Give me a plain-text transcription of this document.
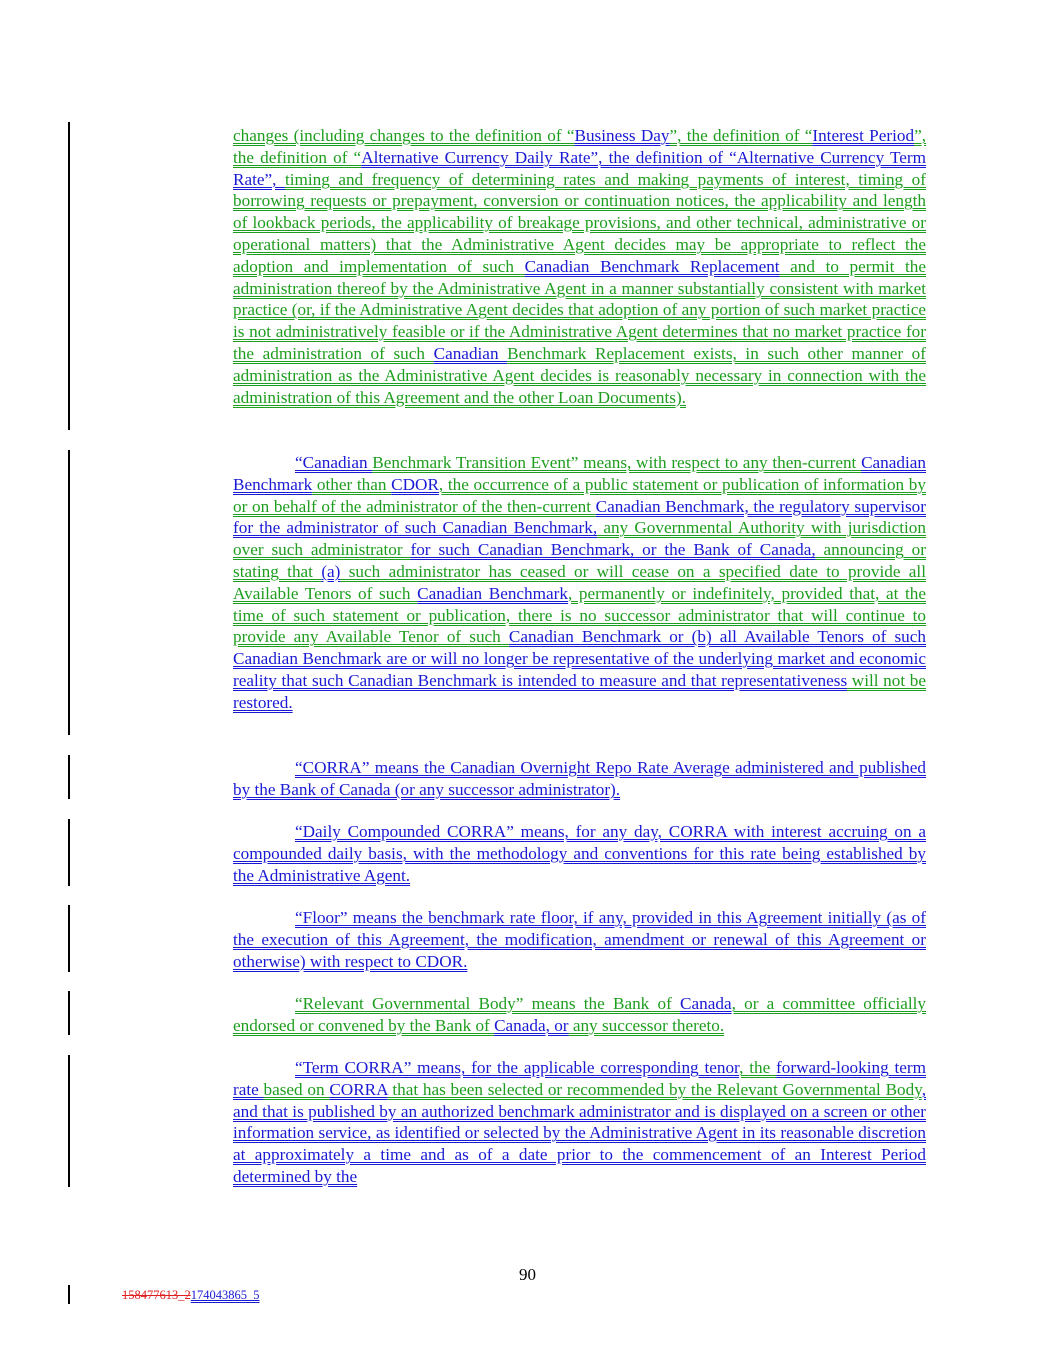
changes (including changes to the definition of “Business Day”, the definition of “Interest Period”, the definition of “Alternative Currency Daily Rate”, the definition of “Alternative Currency Term Rate”, timing and frequency of determining rates and making payments of interest, timing of borrowing requests or prepayment, conversion or continuation notices, the applicability and length of lookback periods, the applicability of breakage provisions, and other technical, administrative or operational matters) that the Administrative Agent decides may be appropriate to reflect the adoption and implementation of such Canadian Benchmark Replacement and to permit the administration thereof by the Administrative Agent in a manner substantially consistent with market practice (or, if the Administrative Agent decides that adoption of any portion of such market practice is not administratively feasible or if the Administrative Agent determines that no market practice for the administration of such Canadian Benchmark Replacement exists, in such other manner of administration as the Administrative Agent decides is reasonably necessary in connection with the administration of this Agreement and the other Loan Documents).

“Canadian Benchmark Transition Event” means, with respect to any then-current Canadian Benchmark other than CDOR, the occurrence of a public statement or publication of information by or on behalf of the administrator of the then-current Canadian Benchmark, the regulatory supervisor for the administrator of such Canadian Benchmark, any Governmental Authority with jurisdiction over such administrator for such Canadian Benchmark, or the Bank of Canada, announcing or stating that (a) such administrator has ceased or will cease on a specified date to provide all Available Tenors of such Canadian Benchmark, permanently or indefinitely, provided that, at the time of such statement or publication, there is no successor administrator that will continue to provide any Available Tenor of such Canadian Benchmark or (b) all Available Tenors of such Canadian Benchmark are or will no longer be representative of the underlying market and economic reality that such Canadian Benchmark is intended to measure and that representativeness will not be restored.

“CORRA” means the Canadian Overnight Repo Rate Average administered and published by the Bank of Canada (or any successor administrator).

“Daily Compounded CORRA” means, for any day, CORRA with interest accruing on a compounded daily basis, with the methodology and conventions for this rate being established by the Administrative Agent.

“Floor” means the benchmark rate floor, if any, provided in this Agreement initially (as of the execution of this Agreement, the modification, amendment or renewal of this Agreement or otherwise) with respect to CDOR.

“Relevant Governmental Body” means the Bank of Canada, or a committee officially endorsed or convened by the Bank of Canada, or any successor thereto.

“Term CORRA” means, for the applicable corresponding tenor, the forward-looking term rate based on CORRA that has been selected or recommended by the Relevant Governmental Body, and that is published by an authorized benchmark administrator and is displayed on a screen or other information service, as identified or selected by the Administrative Agent in its reasonable discretion at approximately a time and as of a date prior to the commencement of an Interest Period determined by the

90
158477613_2174043865_5
